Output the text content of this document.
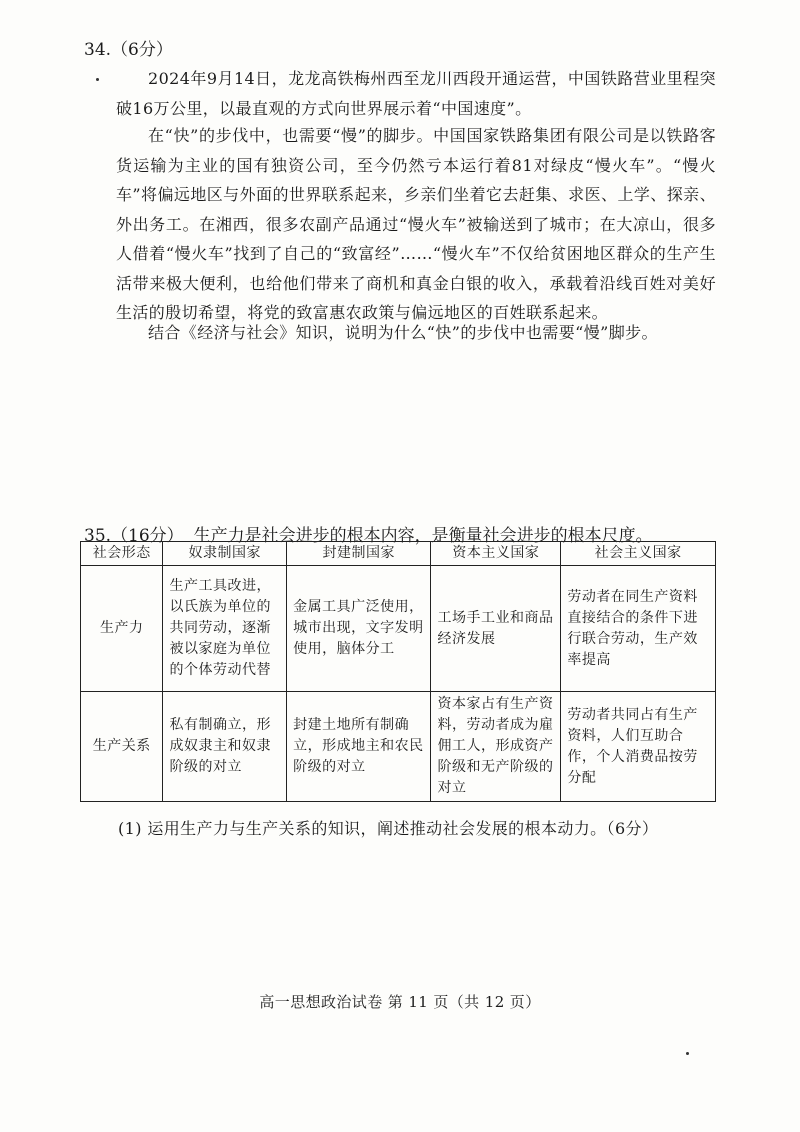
34.（6分）
2024年9月14日，龙龙高铁梅州西至龙川西段开通运营，中国铁路营业里程突破16万公里，以最直观的方式向世界展示着“中国速度”。
在“快”的步伐中，也需要“慢”的脚步。中国国家铁路集团有限公司是以铁路客货运输为主业的国有独资公司，至今仍然亏本运行着81对绿皮“慢火车”。“慢火车”将偏远地区与外面的世界联系起来，乡亲们坐着它去赶集、求医、上学、探亲、外出务工。在湘西，很多农副产品通过“慢火车”被输送到了城市；在大凉山，很多人借着“慢火车”找到了自己的“致富经”……“慢火车”不仅给贫困地区群众的生产生活带来极大便利，也给他们带来了商机和真金白银的收入，承载着沿线百姓对美好生活的殷切希望，将党的致富惠农政策与偏远地区的百姓联系起来。
结合《经济与社会》知识，说明为什么“快”的步伐中也需要“慢”脚步。
35.（16分） 生产力是社会进步的根本内容，是衡量社会进步的根本尺度。
社会形态	奴隶制国家	封建制国家	资本主义国家	社会主义国家
生产力	生产工具改进，以氏族为单位的共同劳动，逐渐被以家庭为单位的个体劳动代替	金属工具广泛使用，城市出现，文字发明使用，脑体分工	工场手工业和商品经济发展	劳动者在同生产资料直接结合的条件下进行联合劳动，生产效率提高
生产关系	私有制确立，形成奴隶主和奴隶阶级的对立	封建土地所有制确立，形成地主和农民阶级的对立	资本家占有生产资料，劳动者成为雇佣工人，形成资产阶级和无产阶级的对立	劳动者共同占有生产资料，人们互助合作，个人消费品按劳分配
(1) 运用生产力与生产关系的知识，阐述推动社会发展的根本动力。（6分）
高一思想政治试卷 第 11 页（共 12 页）
